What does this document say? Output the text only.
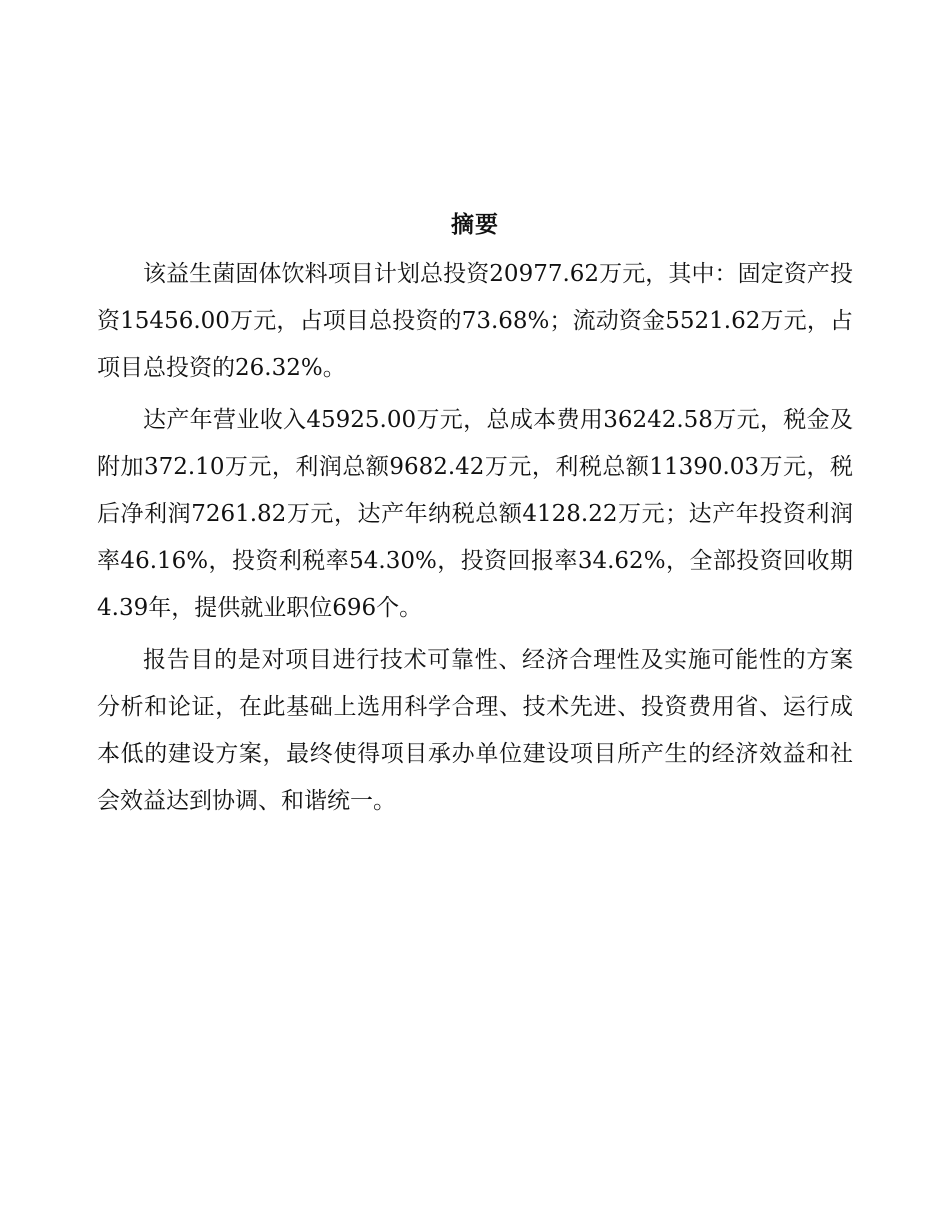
摘要

该益生菌固体饮料项目计划总投资20977.62万元，其中：固定资产投资15456.00万元，占项目总投资的73.68%；流动资金5521.62万元，占项目总投资的26.32%。

达产年营业收入45925.00万元，总成本费用36242.58万元，税金及附加372.10万元，利润总额9682.42万元，利税总额11390.03万元，税后净利润7261.82万元，达产年纳税总额4128.22万元；达产年投资利润率46.16%，投资利税率54.30%，投资回报率34.62%，全部投资回收期4.39年，提供就业职位696个。

报告目的是对项目进行技术可靠性、经济合理性及实施可能性的方案分析和论证，在此基础上选用科学合理、技术先进、投资费用省、运行成本低的建设方案，最终使得项目承办单位建设项目所产生的经济效益和社会效益达到协调、和谐统一。
